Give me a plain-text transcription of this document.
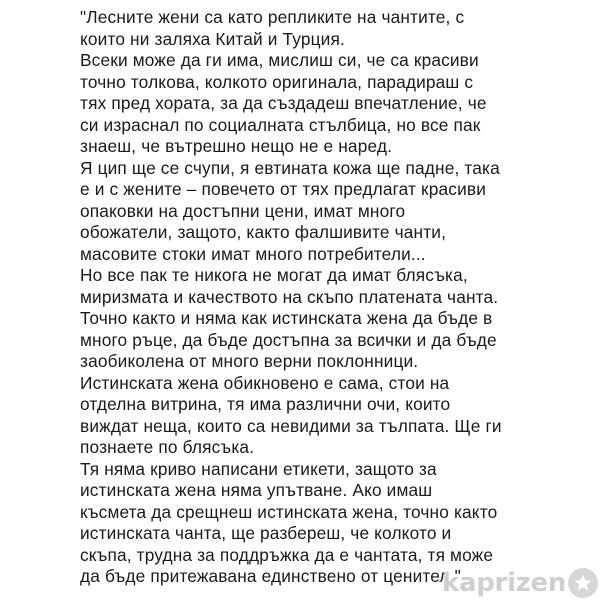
"Лесните жени са като репликите на чантите, с
които ни заляха Китай и Турция.
Всеки може да ги има, мислиш си, че са красиви
точно толкова, колкото оригинала, парадираш с
тях пред хората, за да създадеш впечатление, че
си израснал по социалната стълбица, но все пак
знаеш, че вътрешно нещо не е наред.
Я цип ще се счупи, я евтината кожа ще падне, така
е и с жените – повечето от тях предлагат красиви
опаковки на достъпни цени, имат много
обожатели, защото, както фалшивите чанти,
масовите стоки имат много потребители...
Но все пак те никога не могат да имат блясъка,
миризмата и качеството на скъпо платената чанта.
Точно както и няма как истинската жена да бъде в
много ръце, да бъде достъпна за всички и да бъде
заобиколена от много верни поклонници.
Истинската жена обикновено е сама, стои на
отделна витрина, тя има различни очи, които
виждат неща, които са невидими за тълпата. Ще ги
познаете по блясъка.
Тя няма криво написани етикети, защото за
истинската жена няма упътване. Ако имаш
късмета да срещнеш истинската жена, точно както
истинската чанта, ще разбереш, че колкото и
скъпа, трудна за поддръжка да е чантата, тя може
да бъде притежавана единствено от ценител."
kaprizen
